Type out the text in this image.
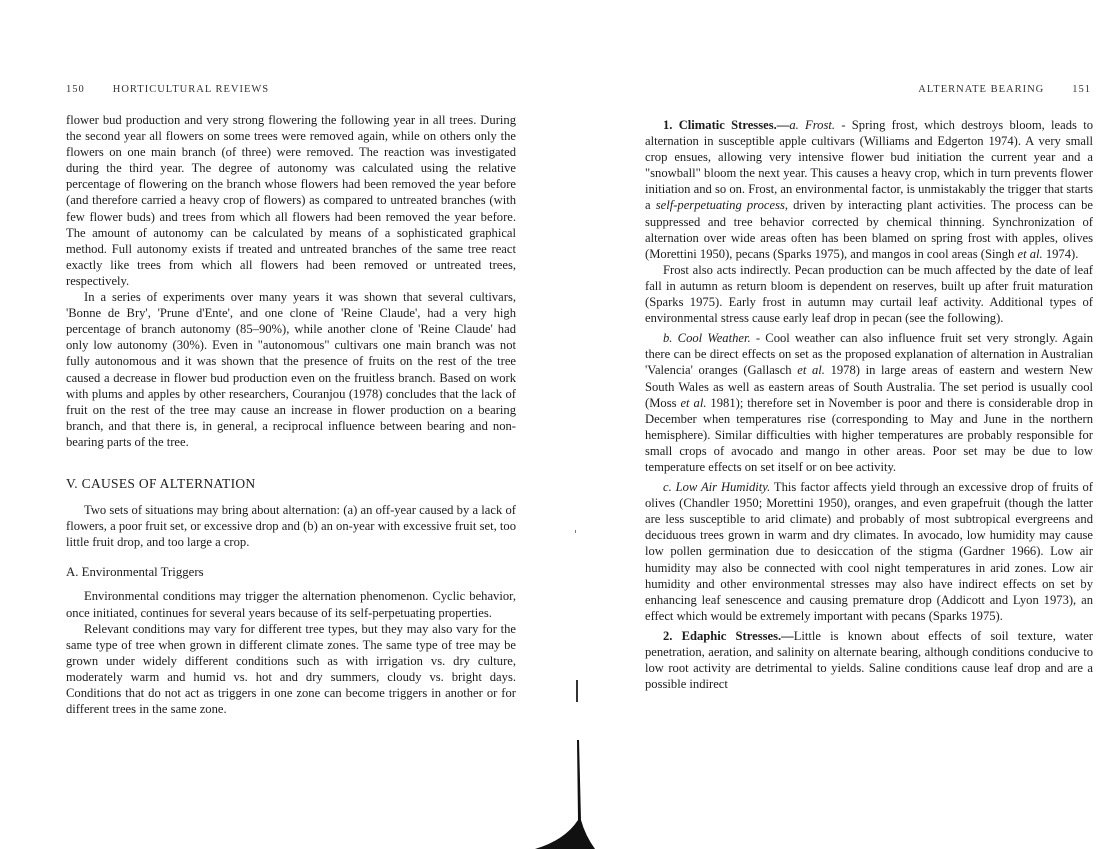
150	HORTICULTURAL REVIEWS

flower bud production and very strong flowering the following year in all trees. During the second year all flowers on some trees were removed again, while on others only the flowers on one main branch (of three) were removed. The reaction was investigated during the third year. The degree of autonomy was calculated using the relative percentage of flowering on the branch whose flowers had been removed the year before (and therefore carried a heavy crop of flowers) as compared to untreated branches (with few flower buds) and trees from which all flowers had been removed the year before. The amount of autonomy can be calculated by means of a sophisticated graphical method. Full autonomy exists if treated and untreated branches of the same tree react exactly like trees from which all flowers had been removed or untreated trees, respectively.

In a series of experiments over many years it was shown that several cultivars, 'Bonne de Bry', 'Prune d'Ente', and one clone of 'Reine Claude', had a very high percentage of branch autonomy (85–90%), while another clone of 'Reine Claude' had only low autonomy (30%). Even in "autonomous" cultivars one main branch was not fully autonomous and it was shown that the presence of fruits on the rest of the tree caused a decrease in flower bud production even on the fruitless branch. Based on work with plums and apples by other researchers, Couranjou (1978) concludes that the lack of fruit on the rest of the tree may cause an increase in flower production on a bearing branch, and that there is, in general, a reciprocal influence between bearing and non-bearing parts of the tree.

V. CAUSES OF ALTERNATION

Two sets of situations may bring about alternation: (a) an off-year caused by a lack of flowers, a poor fruit set, or excessive drop and (b) an on-year with excessive fruit set, too little fruit drop, and too large a crop.

A. Environmental Triggers

Environmental conditions may trigger the alternation phenomenon. Cyclic behavior, once initiated, continues for several years because of its self-perpetuating properties.

Relevant conditions may vary for different tree types, but they may also vary for the same type of tree when grown in different climate zones. The same type of tree may be grown under widely different conditions such as with irrigation vs. dry culture, moderately warm and humid vs. hot and dry summers, cloudy vs. bright days. Conditions that do not act as triggers in one zone can become triggers in another or for different trees in the same zone.

ALTERNATE BEARING	151

1. Climatic Stresses.—a. Frost. - Spring frost, which destroys bloom, leads to alternation in susceptible apple cultivars (Williams and Edgerton 1974). A very small crop ensues, allowing very intensive flower bud initiation the current year and a "snowball" bloom the next year. This causes a heavy crop, which in turn prevents flower initiation and so on. Frost, an environmental factor, is unmistakably the trigger that starts a self-perpetuating process, driven by interacting plant activities. The process can be suppressed and tree behavior corrected by chemical thinning. Synchronization of alternation over wide areas often has been blamed on spring frost with apples, olives (Morettini 1950), pecans (Sparks 1975), and mangos in cool areas (Singh et al. 1974).

Frost also acts indirectly. Pecan production can be much affected by the date of leaf fall in autumn as return bloom is dependent on reserves, built up after fruit maturation (Sparks 1975). Early frost in autumn may curtail leaf activity. Additional types of environmental stress cause early leaf drop in pecan (see the following).

b. Cool Weather. - Cool weather can also influence fruit set very strongly. Again there can be direct effects on set as the proposed explanation of alternation in Australian 'Valencia' oranges (Gallasch et al. 1978) in large areas of eastern and western New South Wales as well as eastern areas of South Australia. The set period is usually cool (Moss et al. 1981); therefore set in November is poor and there is considerable drop in December when temperatures rise (corresponding to May and June in the northern hemisphere). Similar difficulties with higher temperatures are probably responsible for small crops of avocado and mango in other areas. Poor set may be due to low temperature effects on set itself or on bee activity.

c. Low Air Humidity. This factor affects yield through an excessive drop of fruits of olives (Chandler 1950; Morettini 1950), oranges, and even grapefruit (though the latter are less susceptible to arid climate) and probably of most subtropical evergreens and deciduous trees grown in warm and dry climates. In avocado, low humidity may cause low pollen germination due to desiccation of the stigma (Gardner 1966). Low air humidity may also be connected with cool night temperatures in arid zones. Low air humidity and other environmental stresses may also have indirect effects on set by enhancing leaf senescence and causing premature drop (Addicott and Lyon 1973), an effect which would be extremely important with pecans (Sparks 1975).

2. Edaphic Stresses.—Little is known about effects of soil texture, water penetration, aeration, and salinity on alternate bearing, although conditions conducive to low root activity are detrimental to yields. Saline conditions cause leaf drop and are a possible indirect
